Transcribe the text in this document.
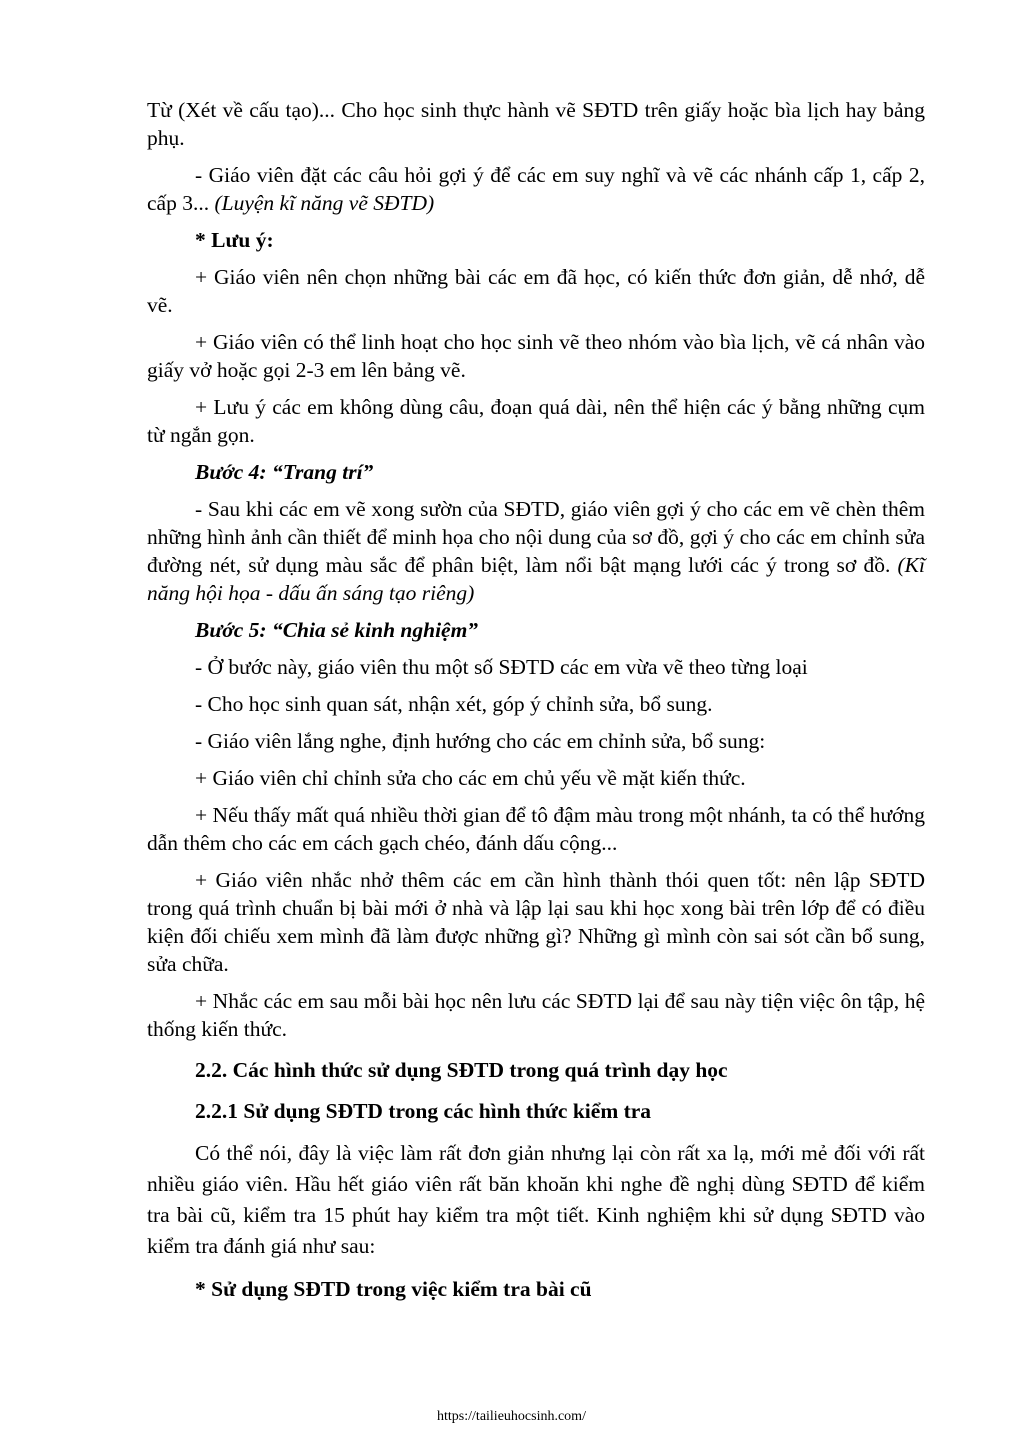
Từ (Xét về cấu tạo)... Cho học sinh thực hành vẽ SĐTD trên giấy hoặc bìa lịch hay bảng phụ.

- Giáo viên đặt các câu hỏi gợi ý để các em suy nghĩ và vẽ các nhánh cấp 1, cấp 2, cấp 3... (Luyện kĩ năng vẽ SĐTD)

* Lưu ý:

+ Giáo viên nên chọn những bài các em đã học, có kiến thức đơn giản, dễ nhớ, dễ vẽ.

+ Giáo viên có thể linh hoạt cho học sinh vẽ theo nhóm vào bìa lịch, vẽ cá nhân vào giấy vở hoặc gọi 2-3 em lên bảng vẽ.

+ Lưu ý các em không dùng câu, đoạn quá dài, nên thể hiện các ý bằng những cụm từ ngắn gọn.

Bước 4: “Trang trí”

- Sau khi các em vẽ xong sườn của SĐTD, giáo viên gợi ý cho các em vẽ chèn thêm những hình ảnh cần thiết để minh họa cho nội dung của sơ đồ, gợi ý cho các em chỉnh sửa đường nét, sử dụng màu sắc để phân biệt, làm nổi bật mạng lưới các ý trong sơ đồ. (Kĩ năng hội họa - dấu ấn sáng tạo riêng)

Bước 5: “Chia sẻ kinh nghiệm”

- Ở bước này, giáo viên thu một số SĐTD các em vừa vẽ theo từng loại

- Cho học sinh quan sát, nhận xét, góp ý chỉnh sửa, bổ sung.

- Giáo viên lắng nghe, định hướng cho các em chỉnh sửa, bổ sung:

+ Giáo viên chỉ chỉnh sửa cho các em chủ yếu về mặt kiến thức.

+ Nếu thấy mất quá nhiều thời gian để tô đậm màu trong một nhánh, ta có thể hướng dẫn thêm cho các em cách gạch chéo, đánh dấu cộng...

+ Giáo viên nhắc nhở thêm các em cần hình thành thói quen tốt: nên lập SĐTD trong quá trình chuẩn bị bài mới ở nhà và lập lại sau khi học xong bài trên lớp để có điều kiện đối chiếu xem mình đã làm được những gì? Những gì mình còn sai sót cần bổ sung, sửa chữa.

+ Nhắc các em sau mỗi bài học nên lưu các SĐTD lại để sau này tiện việc ôn tập, hệ thống kiến thức.

2.2. Các hình thức sử dụng SĐTD trong quá trình dạy học

2.2.1 Sử dụng SĐTD trong các hình thức kiểm tra

Có thể nói, đây là việc làm rất đơn giản nhưng lại còn rất xa lạ, mới mẻ đối với rất nhiều giáo viên. Hầu hết giáo viên rất băn khoăn khi nghe đề nghị dùng SĐTD để kiểm tra bài cũ, kiểm tra 15 phút hay kiểm tra một tiết. Kinh nghiệm khi sử dụng SĐTD vào kiểm tra đánh giá như sau:

* Sử dụng SĐTD trong việc kiểm tra bài cũ

https://tailieuhocsinh.com/
